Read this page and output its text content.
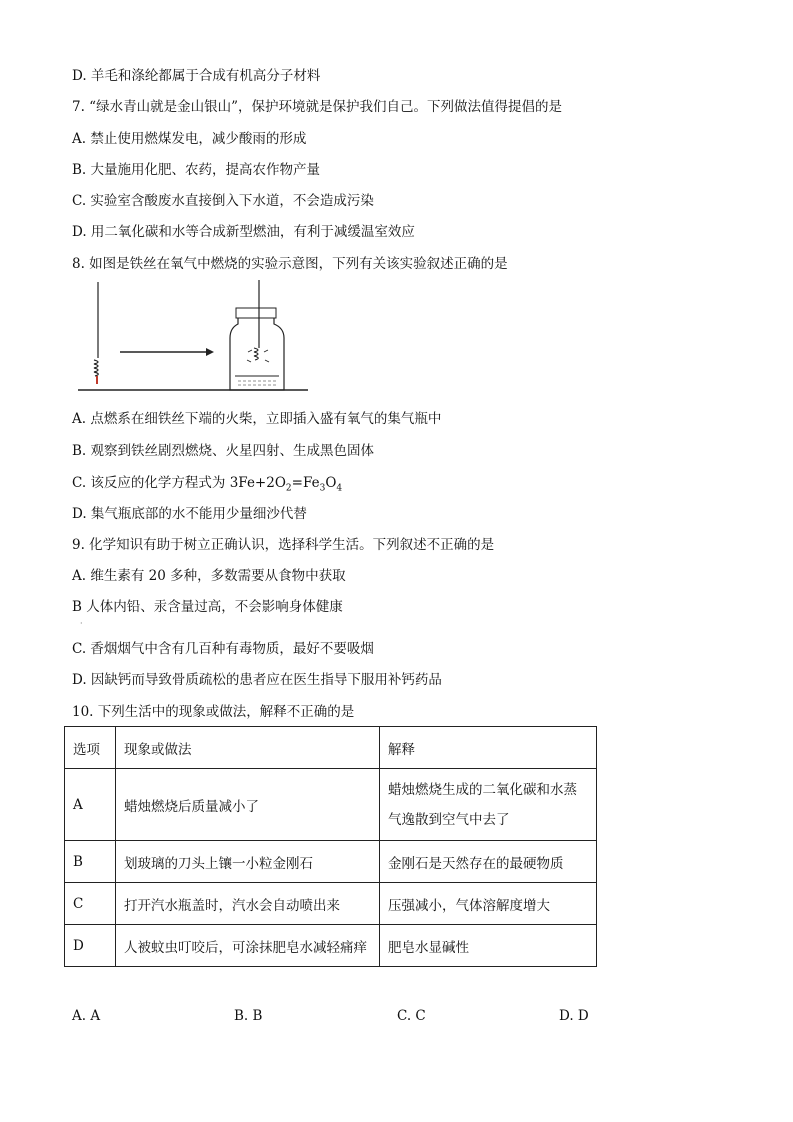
D. 羊毛和涤纶都属于合成有机高分子材料
7. “绿水青山就是金山银山”，保护环境就是保护我们自己。下列做法值得提倡的是
A. 禁止使用燃煤发电，减少酸雨的形成
B. 大量施用化肥、农药，提高农作物产量
C. 实验室含酸废水直接倒入下水道，不会造成污染
D. 用二氧化碳和水等合成新型燃油，有利于减缓温室效应
8. 如图是铁丝在氧气中燃烧的实验示意图，下列有关该实验叙述正确的是
A. 点燃系在细铁丝下端的火柴，立即插入盛有氧气的集气瓶中
B. 观察到铁丝剧烈燃烧、火星四射、生成黑色固体
C. 该反应的化学方程式为 $3Fe+2O_2=Fe_3O_4$
D. 集气瓶底部的水不能用少量细沙代替
9. 化学知识有助于树立正确认识，选择科学生活。下列叙述不正确的是
A. 维生素有 20 多种，多数需要从食物中获取
B 人体内铅、汞含量过高，不会影响身体健康
·
C. 香烟烟气中含有几百种有毒物质，最好不要吸烟
D. 因缺钙而导致骨质疏松的患者应在医生指导下服用补钙药品
10. 下列生活中的现象或做法，解释不正确的是
选项	现象或做法	解释
A	蜡烛燃烧后质量减小了	蜡烛燃烧生成的二氧化碳和水蒸
气逸散到空气中去了

B	划玻璃的刀头上镶一小粒金刚石	金刚石是天然存在的最硬物质
C	打开汽水瓶盖时，汽水会自动喷出来	压强减小，气体溶解度增大
D	人被蚊虫叮咬后，可涂抹肥皂水减轻痛痒	肥皂水显碱性
A. A	B. B	C. C	D. D
